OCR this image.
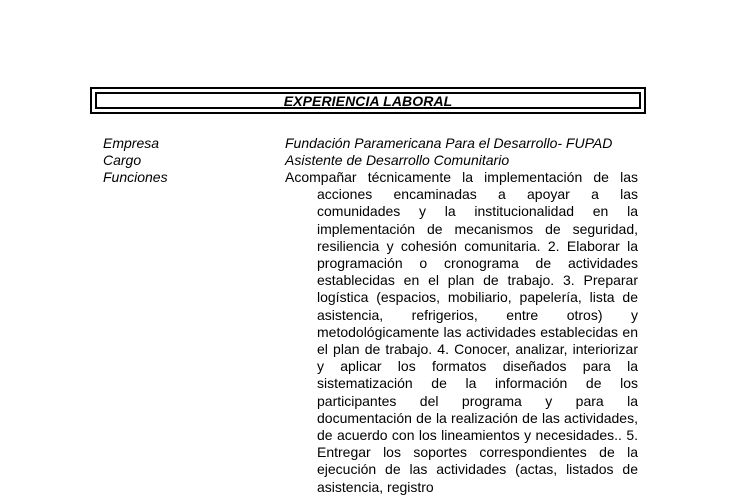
EXPERIENCIA LABORAL
Empresa	Fundación Paramericana Para el Desarrollo- FUPAD
Cargo	Asistente de Desarrollo Comunitario
Funciones	Acompañar técnicamente la implementación de las acciones encaminadas a apoyar a las comunidades y la institucionalidad en la implementación de mecanismos de seguridad, resiliencia y cohesión comunitaria. 2. Elaborar la programación o cronograma de actividades establecidas en el plan de trabajo. 3. Preparar logística (espacios, mobiliario, papelería, lista de asistencia, refrigerios, entre otros) y metodológicamente las actividades establecidas en el plan de trabajo. 4. Conocer, analizar, interiorizar y aplicar los formatos diseñados para la sistematización de la información de los participantes del programa y para la documentación de la realización de las actividades, de acuerdo con los lineamientos y necesidades.. 5. Entregar los soportes correspondientes de la ejecución de las actividades (actas, listados de asistencia, registro
